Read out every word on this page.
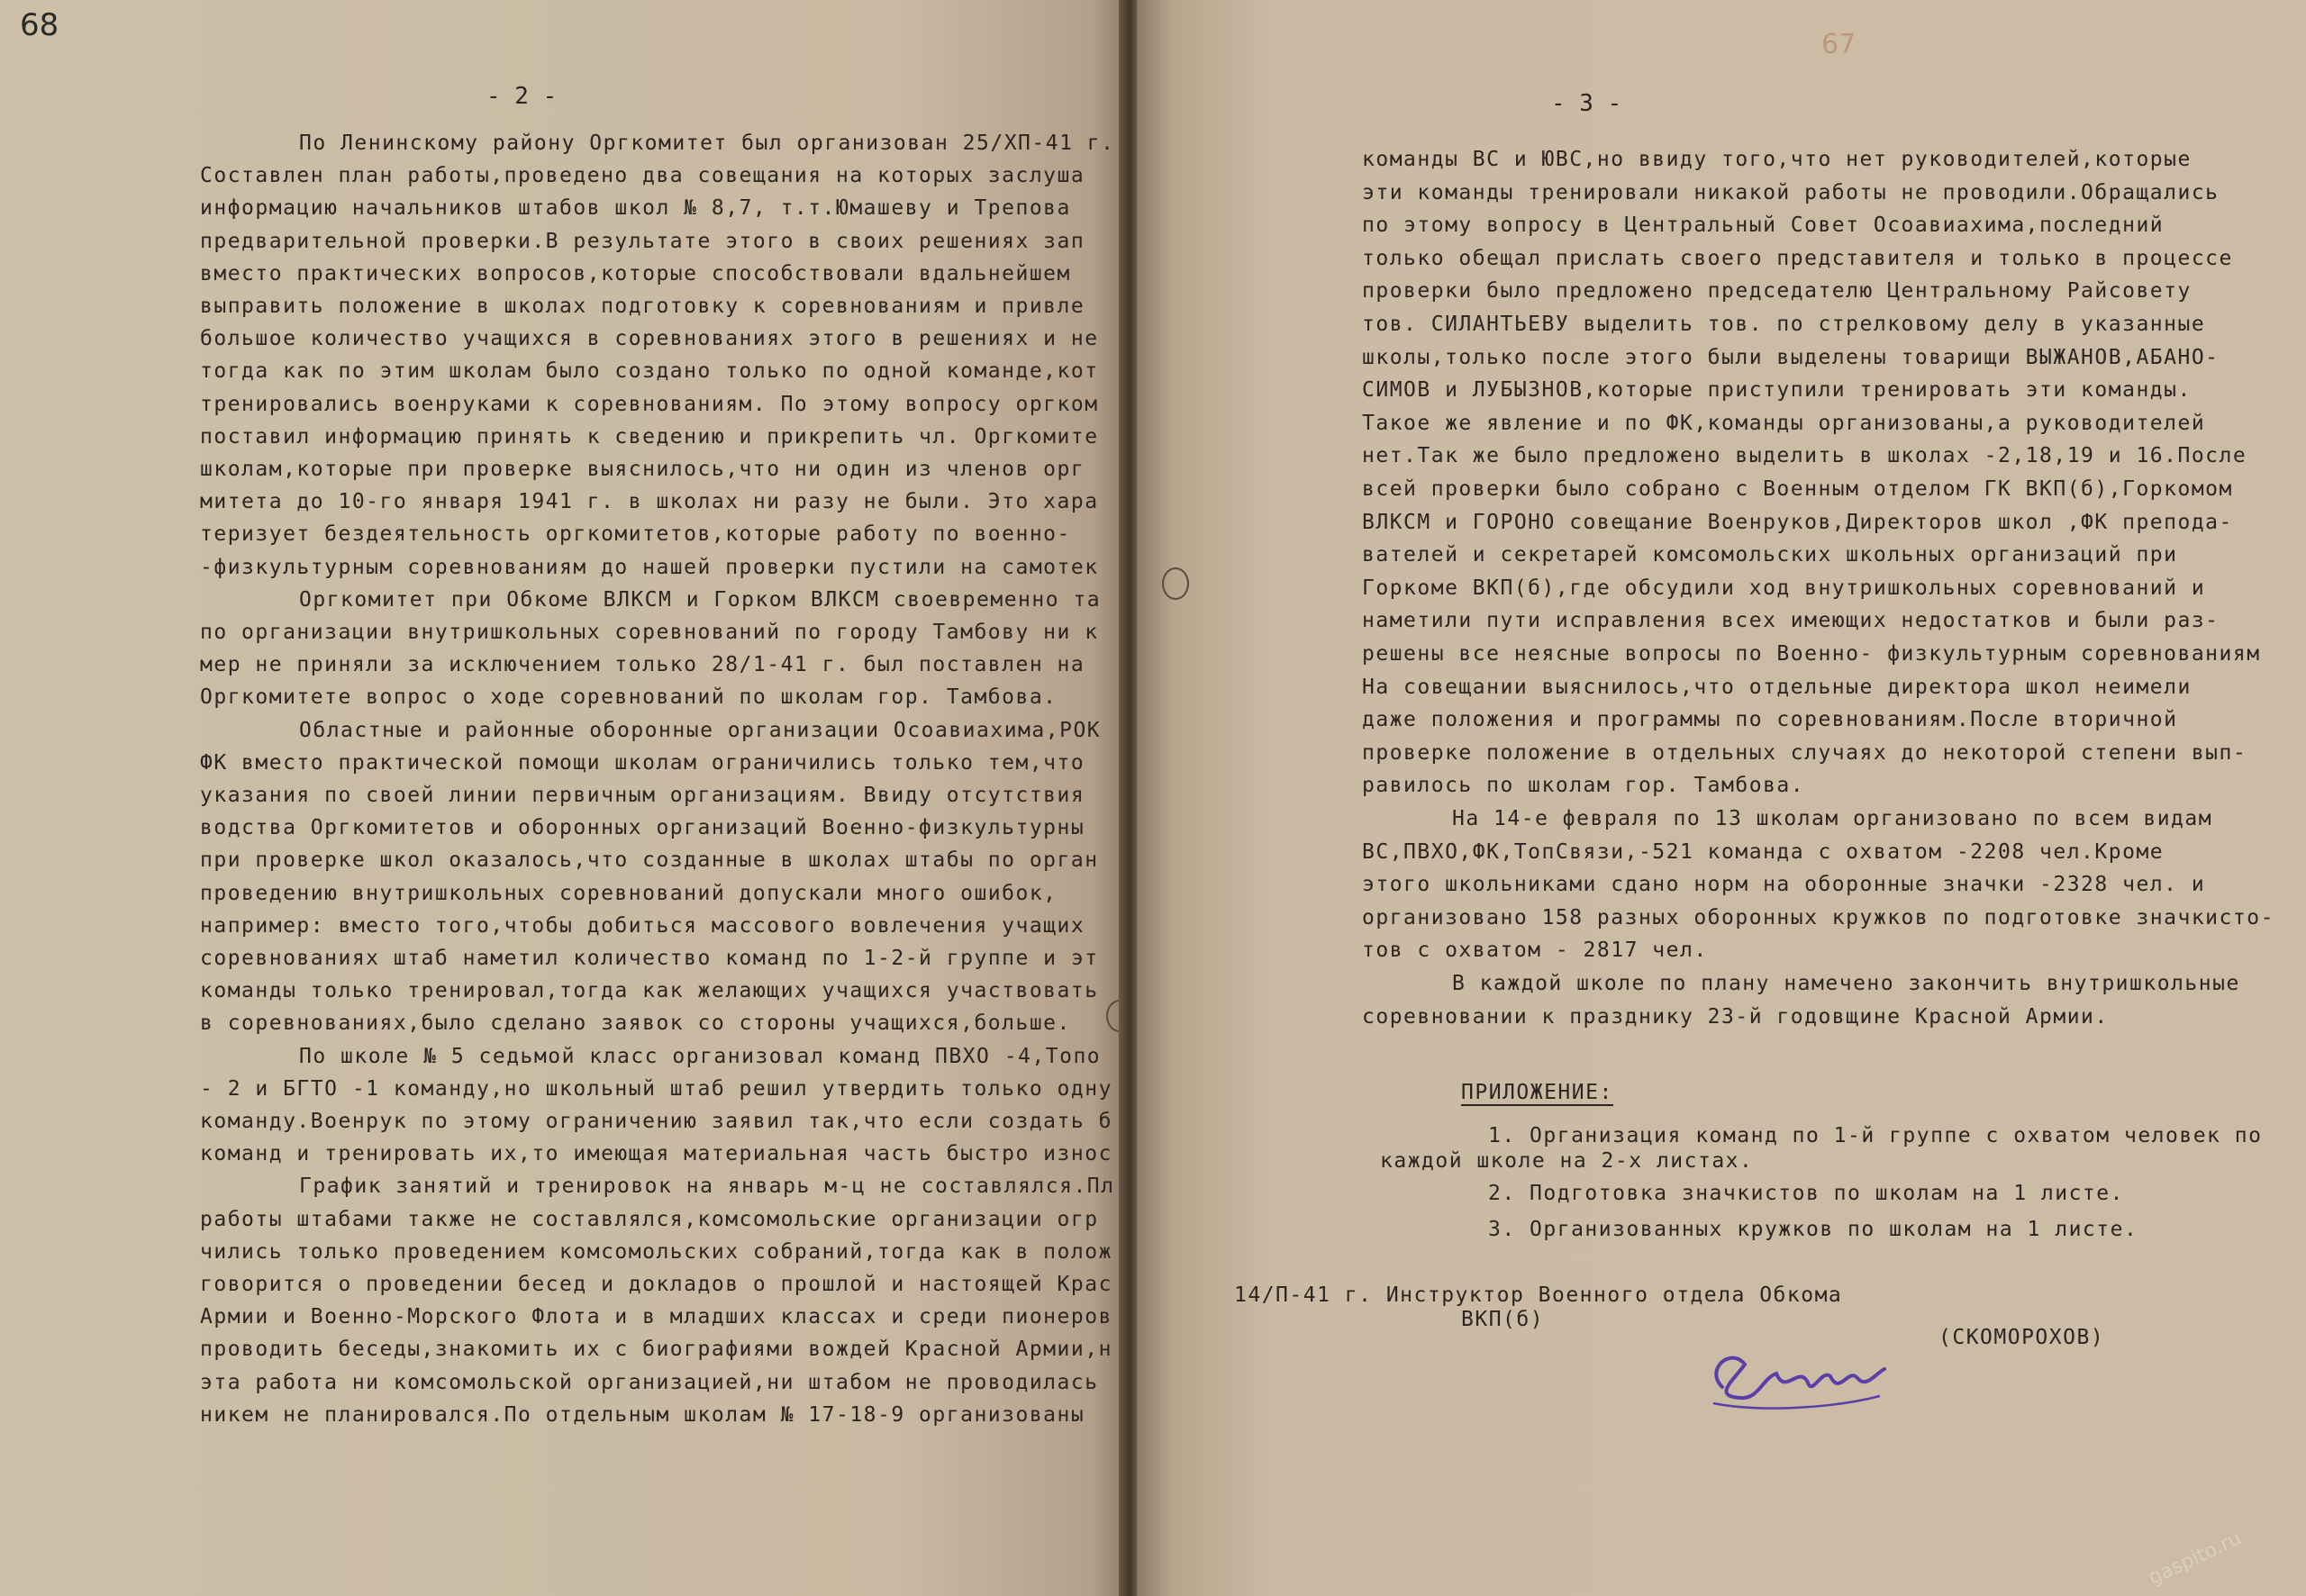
68
- 2 -
По Ленинскому району Оргкомитет был организован 25/ХП-41 г.
Составлен план работы,проведено два совещания на которых заслуша
информацию начальников штабов школ № 8,7, т.т.Юмашеву и Трепова
предварительной проверки.В результате этого в своих решениях зап
вместо практических вопросов,которые способствовали вдальнейшем
выправить положение в школах подготовку к соревнованиям и привле
большое количество учащихся в соревнованиях этого в решениях и не
тогда как по этим школам было создано только по одной команде,кот
тренировались военруками к соревнованиям. По этому вопросу оргком
поставил информацию принять к сведению и прикрепить чл. Оргкомите
школам,которые при проверке выяснилось,что ни один из членов орг
митета до 10-го января 1941 г. в школах ни разу не были. Это хара
теризует бездеятельность оргкомитетов,которые работу по военно-
-физкультурным соревнованиям до нашей проверки пустили на самотек
Оргкомитет при Обкоме ВЛКСМ и Горком ВЛКСМ своевременно та
по организации внутришкольных соревнований по городу Тамбову ни к
мер не приняли за исключением только 28/1-41 г. был поставлен на
Оргкомитете вопрос о ходе соревнований по школам гор. Тамбова.
Областные и районные оборонные организации Осоавиахима,РОК
ФК вместо практической помощи школам ограничились только тем,что
указания по своей линии первичным организациям. Ввиду отсутствия
водства Оргкомитетов и оборонных организаций Военно-физкультурны
при проверке школ оказалось,что созданные в школах штабы по орган
проведению внутришкольных соревнований допускали много ошибок,
например: вместо того,чтобы добиться массового вовлечения учащих
соревнованиях штаб наметил количество команд по 1-2-й группе и эт
команды только тренировал,тогда как желающих учащихся участвовать
в соревнованиях,было сделано заявок со стороны учащихся,больше.
По школе № 5 седьмой класс организовал команд ПВХО -4,Топо
- 2 и БГТО -1 команду,но школьный штаб решил утвердить только одну
команду.Военрук по этому ограничению заявил так,что если создать б
команд и тренировать их,то имеющая материальная часть быстро износ
График занятий и тренировок на январь м-ц не составлялся.Пл
работы штабами также не составлялся,комсомольские организации огр
чились только проведением комсомольских собраний,тогда как в полож
говорится о проведении бесед и докладов о прошлой и настоящей Крас
Армии и Военно-Морского Флота и в младших классах и среди пионеров
проводить беседы,знакомить их с биографиями вождей Красной Армии,н
эта работа ни комсомольской организацией,ни штабом не проводилась
никем не планировался.По отдельным школам № 17-18-9 организованы
- 3 -
67
команды ВС и ЮВС,но ввиду того,что нет руководителей,которые
эти команды тренировали никакой работы не проводили.Обращались
по этому вопросу в Центральный Совет Осоавиахима,последний
только обещал прислать своего представителя и только в процессе
проверки было предложено председателю Центральному Райсовету
тов. СИЛАНТЬЕВУ выделить тов. по стрелковому делу в указанные
школы,только после этого были выделены товарищи ВЫЖАНОВ,АБАНО-
СИМОВ и ЛУБЫЗНОВ,которые приступили тренировать эти команды.
Такое же явление и по ФК,команды организованы,а руководителей
нет.Так же было предложено выделить в школах -2,18,19 и 16.После
всей проверки было собрано с Военным отделом ГК ВКП(б),Горкомом
ВЛКСМ и ГОРОНО совещание Военруков,Директоров школ ,ФК препода-
вателей и секретарей комсомольских школьных организаций при
Горкоме ВКП(б),где обсудили ход внутришкольных соревнований и
наметили пути исправления всех имеющих недостатков и были раз-
решены все неясные вопросы по Военно- физкультурным соревнованиям
На совещании выяснилось,что отдельные директора школ неимели
даже положения и программы по соревнованиям.После вторичной
проверке положение в отдельных случаях до некоторой степени вып-
равилось по школам гор. Тамбова.
На 14-е февраля по 13 школам организовано по всем видам
ВС,ПВХО,ФК,ТопСвязи,-521 команда с охватом -2208 чел.Кроме
этого школьниками сдано норм на оборонные значки -2328 чел. и
организовано 158 разных оборонных кружков по подготовке значкисто-
тов с охватом - 2817 чел.
В каждой школе по плану намечено закончить внутришкольные
соревновании к празднику 23-й годовщине Красной Армии.
ПРИЛОЖЕНИЕ:
1. Организация команд по 1-й группе с охватом человек по
каждой школе на 2-х листах.
2. Подготовка значкистов по школам на 1 листе.
3. Организованных кружков по школам на 1 листе.
14/П-41 г. Инструктор Военного отдела Обкома
ВКП(б)
(СКОМОРОХОВ)
gaspito.ru
